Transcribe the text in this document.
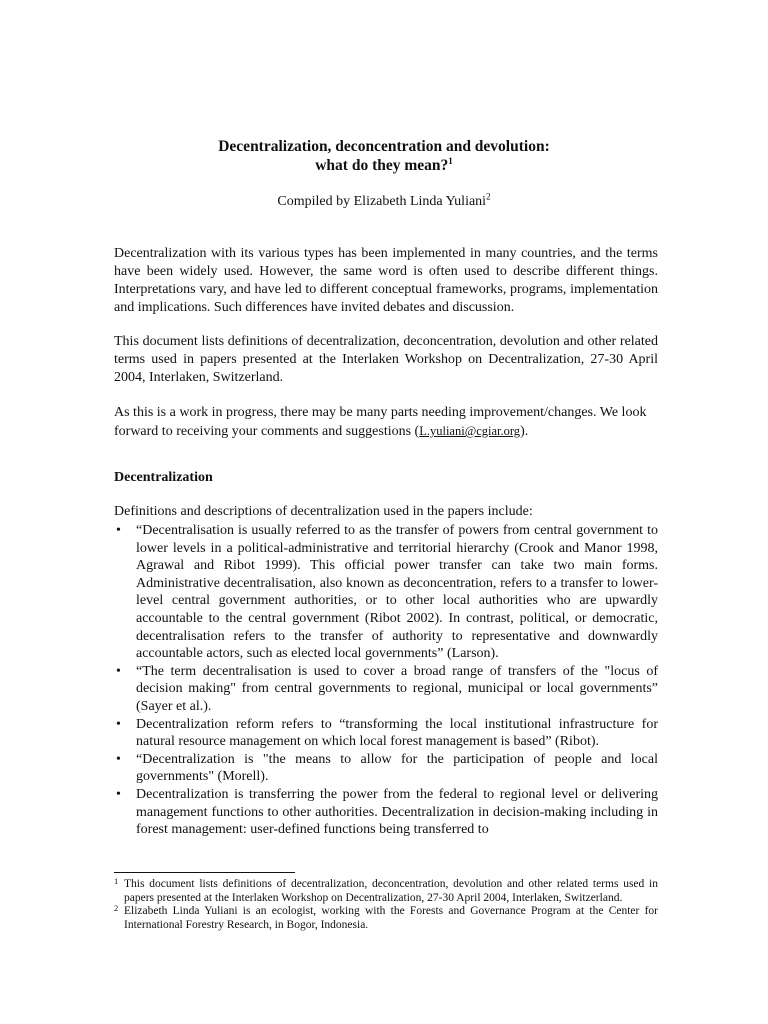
Decentralization, deconcentration and devolution:
what do they mean?$^1$
Compiled by Elizabeth Linda Yuliani$^2$

Decentralization with its various types has been implemented in many countries, and the terms have been widely used. However, the same word is often used to describe different things. Interpretations vary, and have led to different conceptual frameworks, programs, implementation and implications. Such differences have invited debates and discussion.

This document lists definitions of decentralization, deconcentration, devolution and other related terms used in papers presented at the Interlaken Workshop on Decentralization, 27-30 April 2004, Interlaken, Switzerland.

As this is a work in progress, there may be many parts needing improvement/changes. We look forward to receiving your comments and suggestions (L.yuliani@cgiar.org).

Decentralization

Definitions and descriptions of decentralization used in the papers include:

• “Decentralisation is usually referred to as the transfer of powers from central government to lower levels in a political-administrative and territorial hierarchy (Crook and Manor 1998, Agrawal and Ribot 1999). This official power transfer can take two main forms. Administrative decentralisation, also known as deconcentration, refers to a transfer to lower-level central government authorities, or to other local authorities who are upwardly accountable to the central government (Ribot 2002). In contrast, political, or democratic, decentralisation refers to the transfer of authority to representative and downwardly accountable actors, such as elected local governments” (Larson).
• “The term decentralisation is used to cover a broad range of transfers of the "locus of decision making" from central governments to regional, municipal or local governments” (Sayer et al.).
• Decentralization reform refers to “transforming the local institutional infrastructure for natural resource management on which local forest management is based” (Ribot).
• “Decentralization is "the means to allow for the participation of people and local governments" (Morell).
• Decentralization is transferring the power from the federal to regional level or delivering management functions to other authorities. Decentralization in decision-making including in forest management: user-defined functions being transferred to
1 This document lists definitions of decentralization, deconcentration, devolution and other related terms used in papers presented at the Interlaken Workshop on Decentralization, 27-30 April 2004, Interlaken, Switzerland.
2 Elizabeth Linda Yuliani is an ecologist, working with the Forests and Governance Program at the Center for International Forestry Research, in Bogor, Indonesia.
